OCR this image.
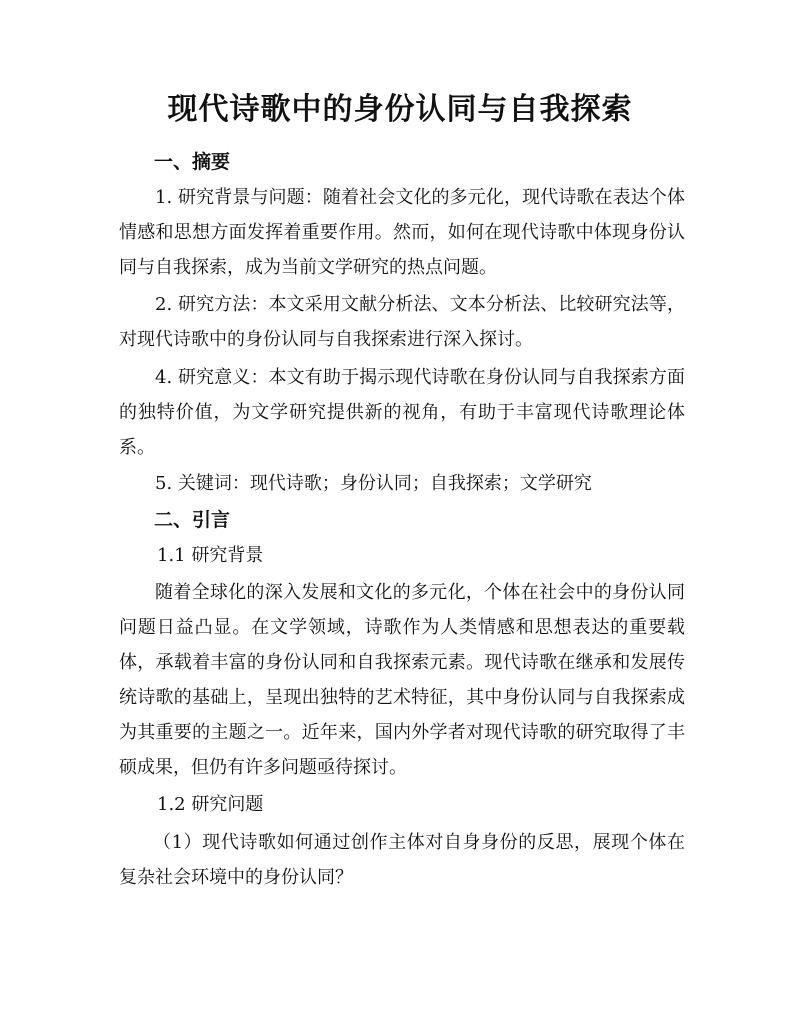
现代诗歌中的身份认同与自我探索
一、摘要
1. 研究背景与问题：随着社会文化的多元化，现代诗歌在表达个体情感和思想方面发挥着重要作用。然而，如何在现代诗歌中体现身份认同与自我探索，成为当前文学研究的热点问题。
2. 研究方法：本文采用文献分析法、文本分析法、比较研究法等，对现代诗歌中的身份认同与自我探索进行深入探讨。
4. 研究意义：本文有助于揭示现代诗歌在身份认同与自我探索方面的独特价值，为文学研究提供新的视角，有助于丰富现代诗歌理论体系。
5. 关键词：现代诗歌；身份认同；自我探索；文学研究
二、引言
1.1 研究背景
随着全球化的深入发展和文化的多元化，个体在社会中的身份认同问题日益凸显。在文学领域，诗歌作为人类情感和思想表达的重要载体，承载着丰富的身份认同和自我探索元素。现代诗歌在继承和发展传统诗歌的基础上，呈现出独特的艺术特征，其中身份认同与自我探索成为其重要的主题之一。近年来，国内外学者对现代诗歌的研究取得了丰硕成果，但仍有许多问题亟待探讨。
1.2 研究问题
（1）现代诗歌如何通过创作主体对自身身份的反思，展现个体在复杂社会环境中的身份认同？
